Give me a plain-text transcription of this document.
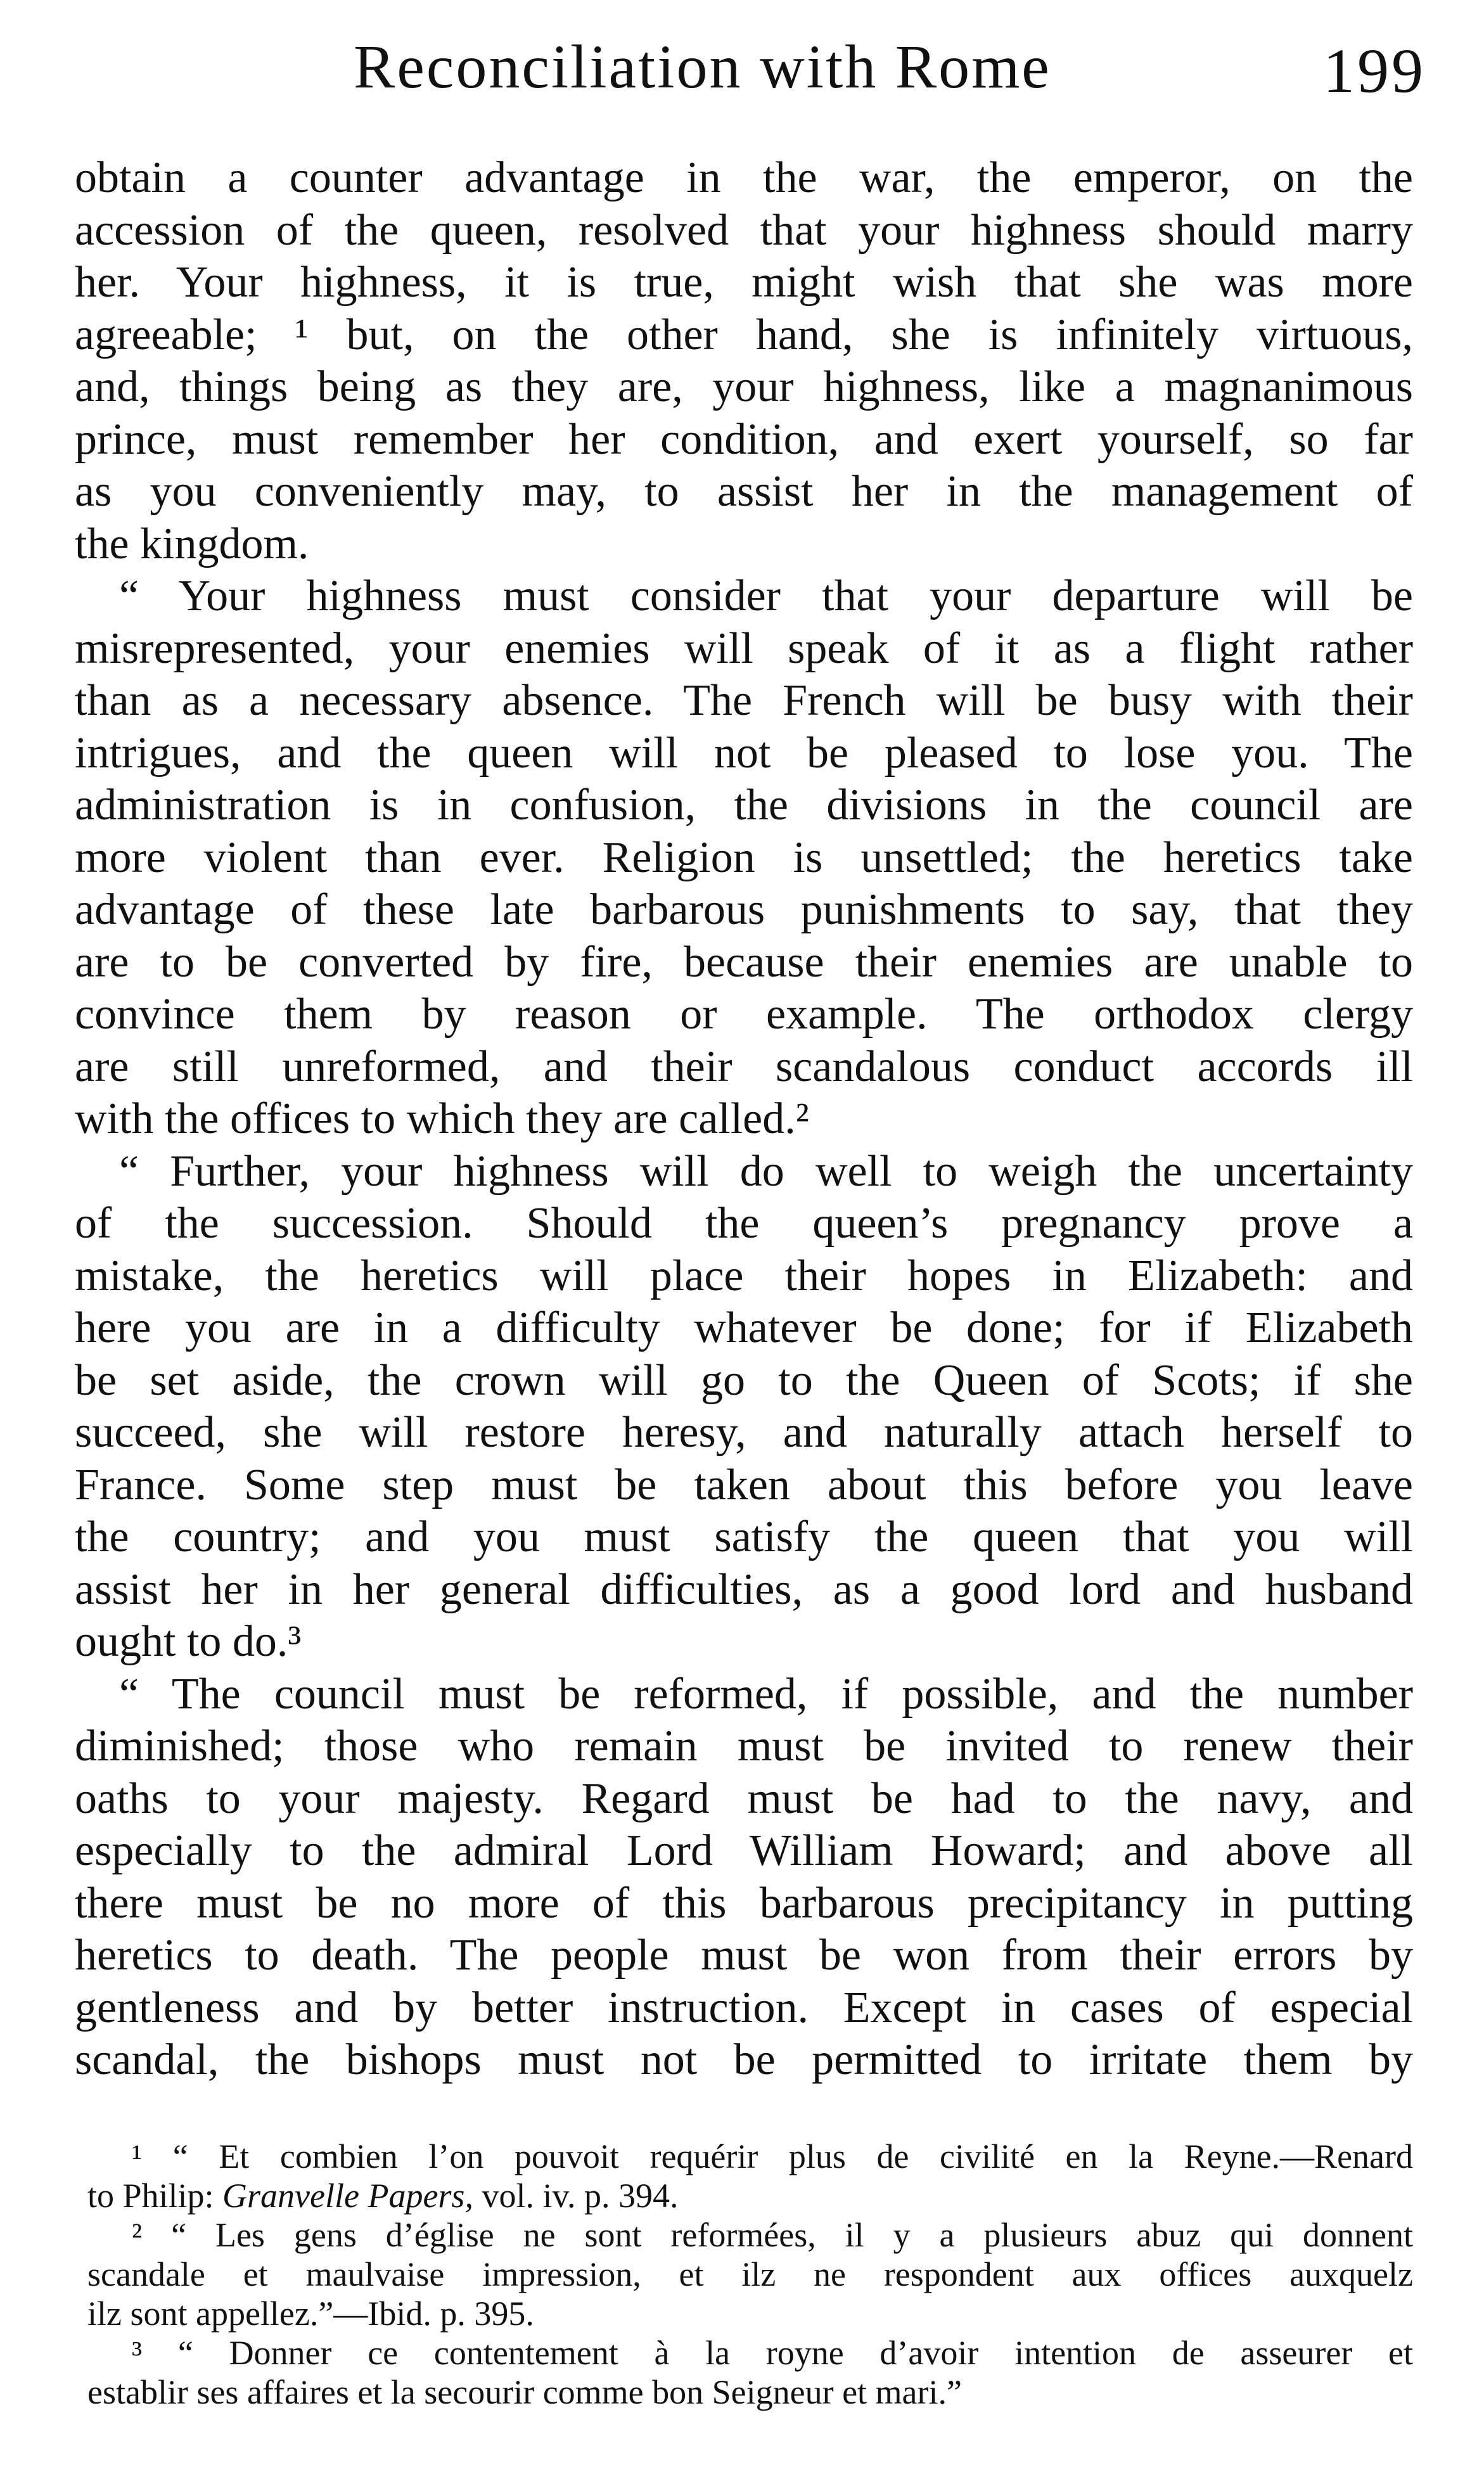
Reconciliation with Rome	199
obtain a counter advantage in the war, the emperor, on the
accession of the queen, resolved that your highness should marry
her. Your highness, it is true, might wish that she was more
agreeable; ¹ but, on the other hand, she is infinitely virtuous,
and, things being as they are, your highness, like a magnanimous
prince, must remember her condition, and exert yourself, so far
as you conveniently may, to assist her in the management of
the kingdom.
“ Your highness must consider that your departure will be
misrepresented, your enemies will speak of it as a flight rather
than as a necessary absence. The French will be busy with their
intrigues, and the queen will not be pleased to lose you. The
administration is in confusion, the divisions in the council are
more violent than ever. Religion is unsettled; the heretics take
advantage of these late barbarous punishments to say, that they
are to be converted by fire, because their enemies are unable to
convince them by reason or example. The orthodox clergy
are still unreformed, and their scandalous conduct accords ill
with the offices to which they are called.²
“ Further, your highness will do well to weigh the uncertainty
of the succession. Should the queen’s pregnancy prove a
mistake, the heretics will place their hopes in Elizabeth: and
here you are in a difficulty whatever be done; for if Elizabeth
be set aside, the crown will go to the Queen of Scots; if she
succeed, she will restore heresy, and naturally attach herself to
France. Some step must be taken about this before you leave
the country; and you must satisfy the queen that you will
assist her in her general difficulties, as a good lord and husband
ought to do.³
“ The council must be reformed, if possible, and the number
diminished; those who remain must be invited to renew their
oaths to your majesty. Regard must be had to the navy, and
especially to the admiral Lord William Howard; and above all
there must be no more of this barbarous precipitancy in putting
heretics to death. The people must be won from their errors by
gentleness and by better instruction. Except in cases of especial
scandal, the bishops must not be permitted to irritate them by
¹ “ Et combien l’on pouvoit requérir plus de civilité en la Reyne.—Renard
to Philip: Granvelle Papers, vol. iv. p. 394.
² “ Les gens d’église ne sont reformées, il y a plusieurs abuz qui donnent
scandale et maulvaise impression, et ilz ne respondent aux offices auxquelz
ilz sont appellez.”—Ibid. p. 395.
³ “ Donner ce contentement à la royne d’avoir intention de asseurer et
establir ses affaires et la secourir comme bon Seigneur et mari.”
